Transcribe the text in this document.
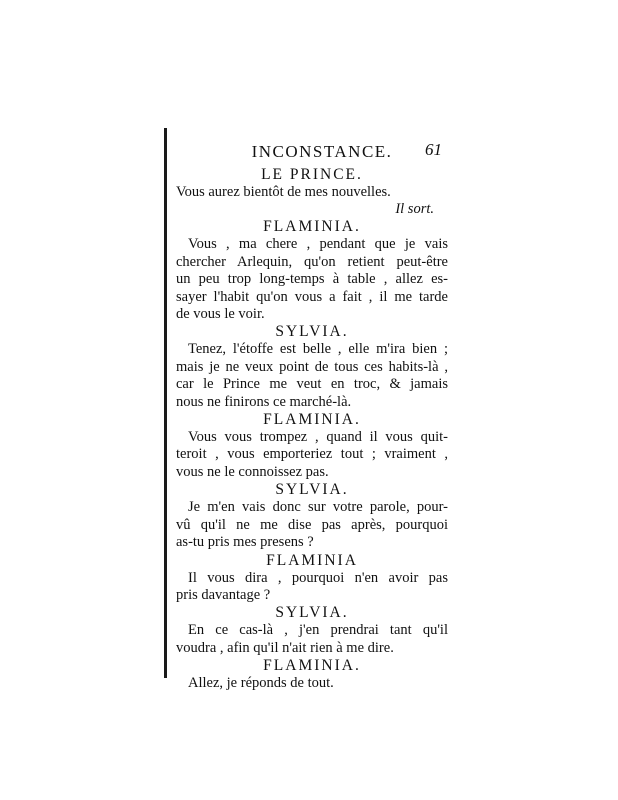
INCONSTANCE.	61

LE PRINCE.

Vous aurez bientôt de mes nouvelles.
Il sort.

FLAMINIA.

Vous , ma chere , pendant que je vais
chercher Arlequin, qu'on retient peut-être
un peu trop long-temps à table , allez es-
sayer l'habit qu'on vous a fait , il me tarde
de vous le voir.

SYLVIA.

Tenez, l'étoffe est belle , elle m'ira bien ;
mais je ne veux point de tous ces habits-là ,
car le Prince me veut en troc, & jamais
nous ne finirons ce marché-là.

FLAMINIA.

Vous vous trompez , quand il vous quit-
teroit , vous emporteriez tout ; vraiment ,
vous ne le connoissez pas.

SYLVIA.

Je m'en vais donc sur votre parole, pour-
vû qu'il ne me dise pas après, pourquoi
as-tu pris mes presens ?

FLAMINIA

Il vous dira , pourquoi n'en avoir pas
pris davantage ?

SYLVIA.

En ce cas-là , j'en prendrai tant qu'il
voudra , afin qu'il n'ait rien à me dire.

FLAMINIA.

Allez, je réponds de tout.
